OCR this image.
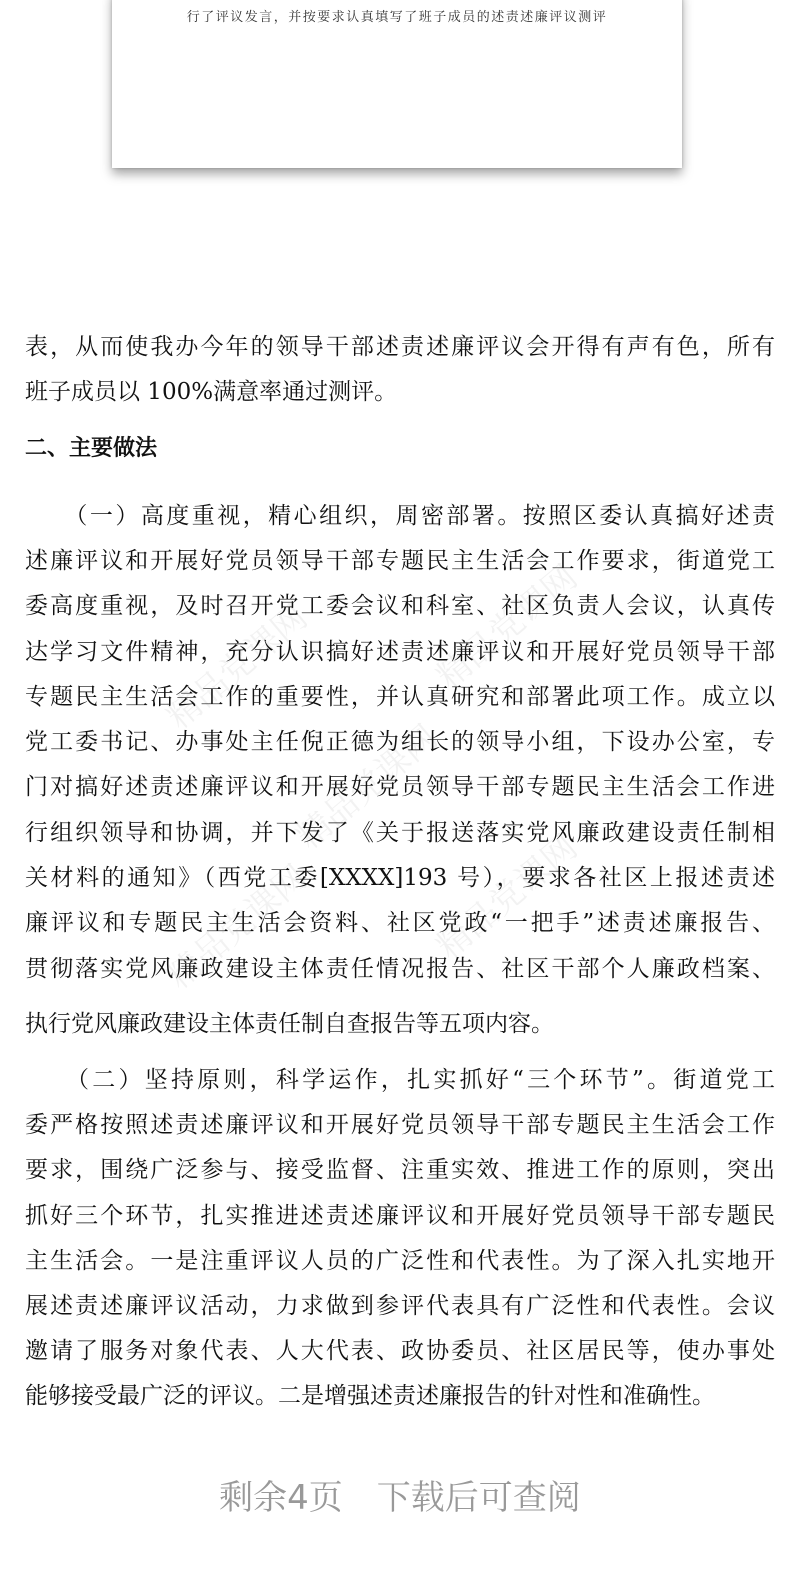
行了评议发言，并按要求认真填写了班子成员的述责述廉评议测评
精品党课网	精品党课网
精品党课网
精品党课网	精品党课网
表，从而使我办今年的领导干部述责述廉评议会开得有声有色，所有
班子成员以 100%满意率通过测评。
二、主要做法
　　（一）高度重视，精心组织，周密部署。按照区委认真搞好述责
述廉评议和开展好党员领导干部专题民主生活会工作要求，街道党工
委高度重视，及时召开党工委会议和科室、社区负责人会议，认真传
达学习文件精神，充分认识搞好述责述廉评议和开展好党员领导干部
专题民主生活会工作的重要性，并认真研究和部署此项工作。成立以
党工委书记、办事处主任倪正德为组长的领导小组，下设办公室，专
门对搞好述责述廉评议和开展好党员领导干部专题民主生活会工作进
行组织领导和协调，并下发了《关于报送落实党风廉政建设责任制相
关材料的通知》（西党工委[XXXX]193 号），要求各社区上报述责述
廉评议和专题民主生活会资料、社区党政“一把手”述责述廉报告、
贯彻落实党风廉政建设主体责任情况报告、社区干部个人廉政档案、
执行党风廉政建设主体责任制自查报告等五项内容。
　　（二）坚持原则，科学运作，扎实抓好“三个环节”。街道党工
委严格按照述责述廉评议和开展好党员领导干部专题民主生活会工作
要求，围绕广泛参与、接受监督、注重实效、推进工作的原则，突出
抓好三个环节，扎实推进述责述廉评议和开展好党员领导干部专题民
主生活会。一是注重评议人员的广泛性和代表性。为了深入扎实地开
展述责述廉评议活动，力求做到参评代表具有广泛性和代表性。会议
邀请了服务对象代表、人大代表、政协委员、社区居民等，使办事处
能够接受最广泛的评议。二是增强述责述廉报告的针对性和准确性。
剩余4页　下载后可查阅
